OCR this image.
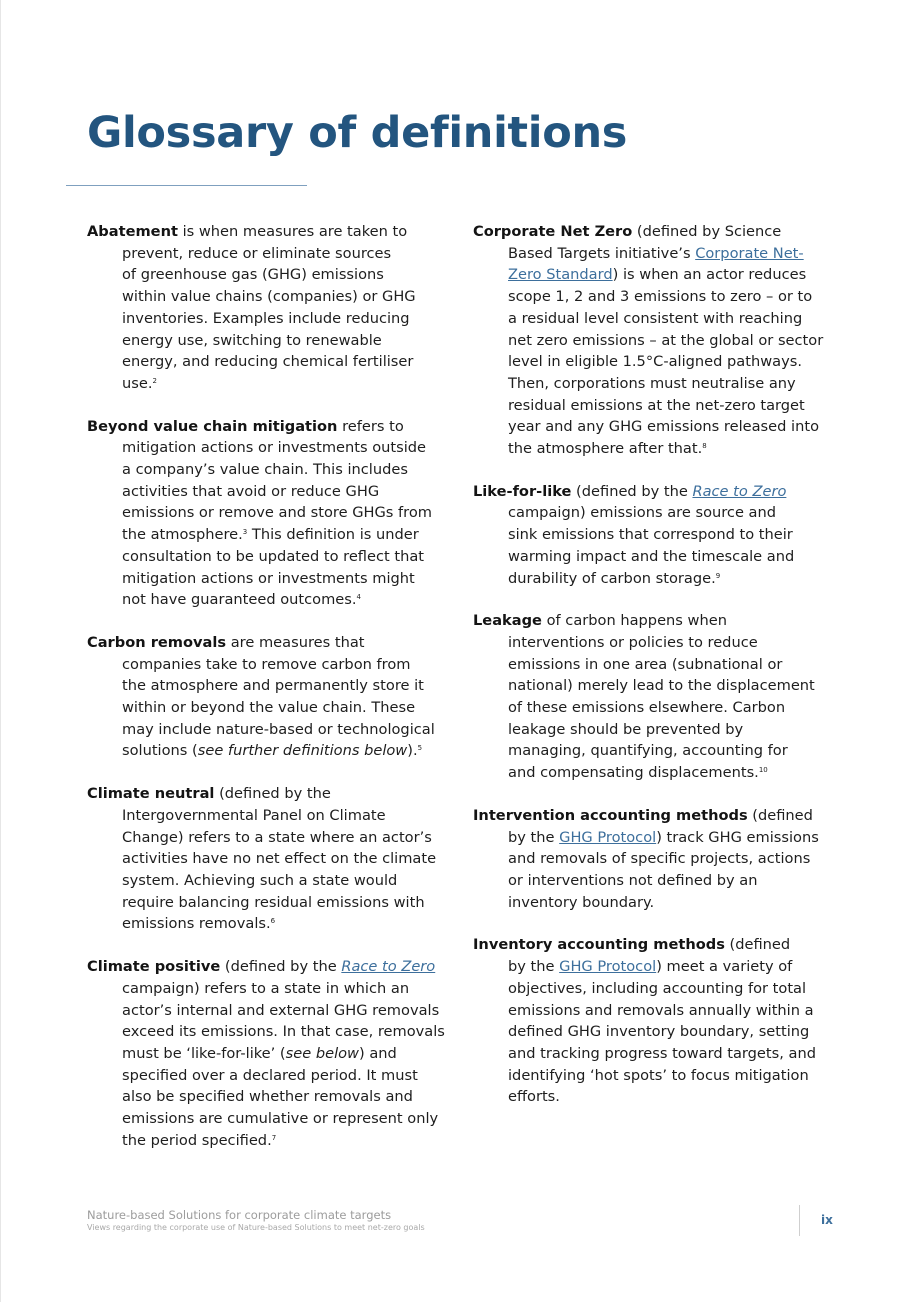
Glossary of definitions

Abatement is when measures are taken to
prevent, reduce or eliminate sources
of greenhouse gas (GHG) emissions
within value chains (companies) or GHG
inventories. Examples include reducing
energy use, switching to renewable
energy, and reducing chemical fertiliser
use.$^2$

Beyond value chain mitigation refers to
mitigation actions or investments outside
a company’s value chain. This includes
activities that avoid or reduce GHG
emissions or remove and store GHGs from
the atmosphere.$^3$ This definition is under
consultation to be updated to reflect that
mitigation actions or investments might
not have guaranteed outcomes.$^4$

Carbon removals are measures that
companies take to remove carbon from
the atmosphere and permanently store it
within or beyond the value chain. These
may include nature-based or technological
solutions (see further definitions below).$^5$

Climate neutral (defined by the
Intergovernmental Panel on Climate
Change) refers to a state where an actor’s
activities have no net effect on the climate
system. Achieving such a state would
require balancing residual emissions with
emissions removals.$^6$

Climate positive (defined by the Race to Zero
campaign) refers to a state in which an
actor’s internal and external GHG removals
exceed its emissions. In that case, removals
must be ‘like-for-like’ (see below) and
specified over a declared period. It must
also be specified whether removals and
emissions are cumulative or represent only
the period specified.$^7$

Corporate Net Zero (defined by Science
Based Targets initiative’s Corporate Net-
Zero Standard) is when an actor reduces
scope 1, 2 and 3 emissions to zero – or to
a residual level consistent with reaching
net zero emissions – at the global or sector
level in eligible 1.5°C-aligned pathways.
Then, corporations must neutralise any
residual emissions at the net-zero target
year and any GHG emissions released into
the atmosphere after that.$^8$

Like-for-like (defined by the Race to Zero
campaign) emissions are source and
sink emissions that correspond to their
warming impact and the timescale and
durability of carbon storage.$^9$

Leakage of carbon happens when
interventions or policies to reduce
emissions in one area (subnational or
national) merely lead to the displacement
of these emissions elsewhere. Carbon
leakage should be prevented by
managing, quantifying, accounting for
and compensating displacements.$^{10}$

Intervention accounting methods (defined
by the GHG Protocol) track GHG emissions
and removals of specific projects, actions
or interventions not defined by an
inventory boundary.

Inventory accounting methods (defined
by the GHG Protocol) meet a variety of
objectives, including accounting for total
emissions and removals annually within a
defined GHG inventory boundary, setting
and tracking progress toward targets, and
identifying ‘hot spots’ to focus mitigation
efforts.

Nature-based Solutions for corporate climate targets
Views regarding the corporate use of Nature-based Solutions to meet net-zero goals
ix
